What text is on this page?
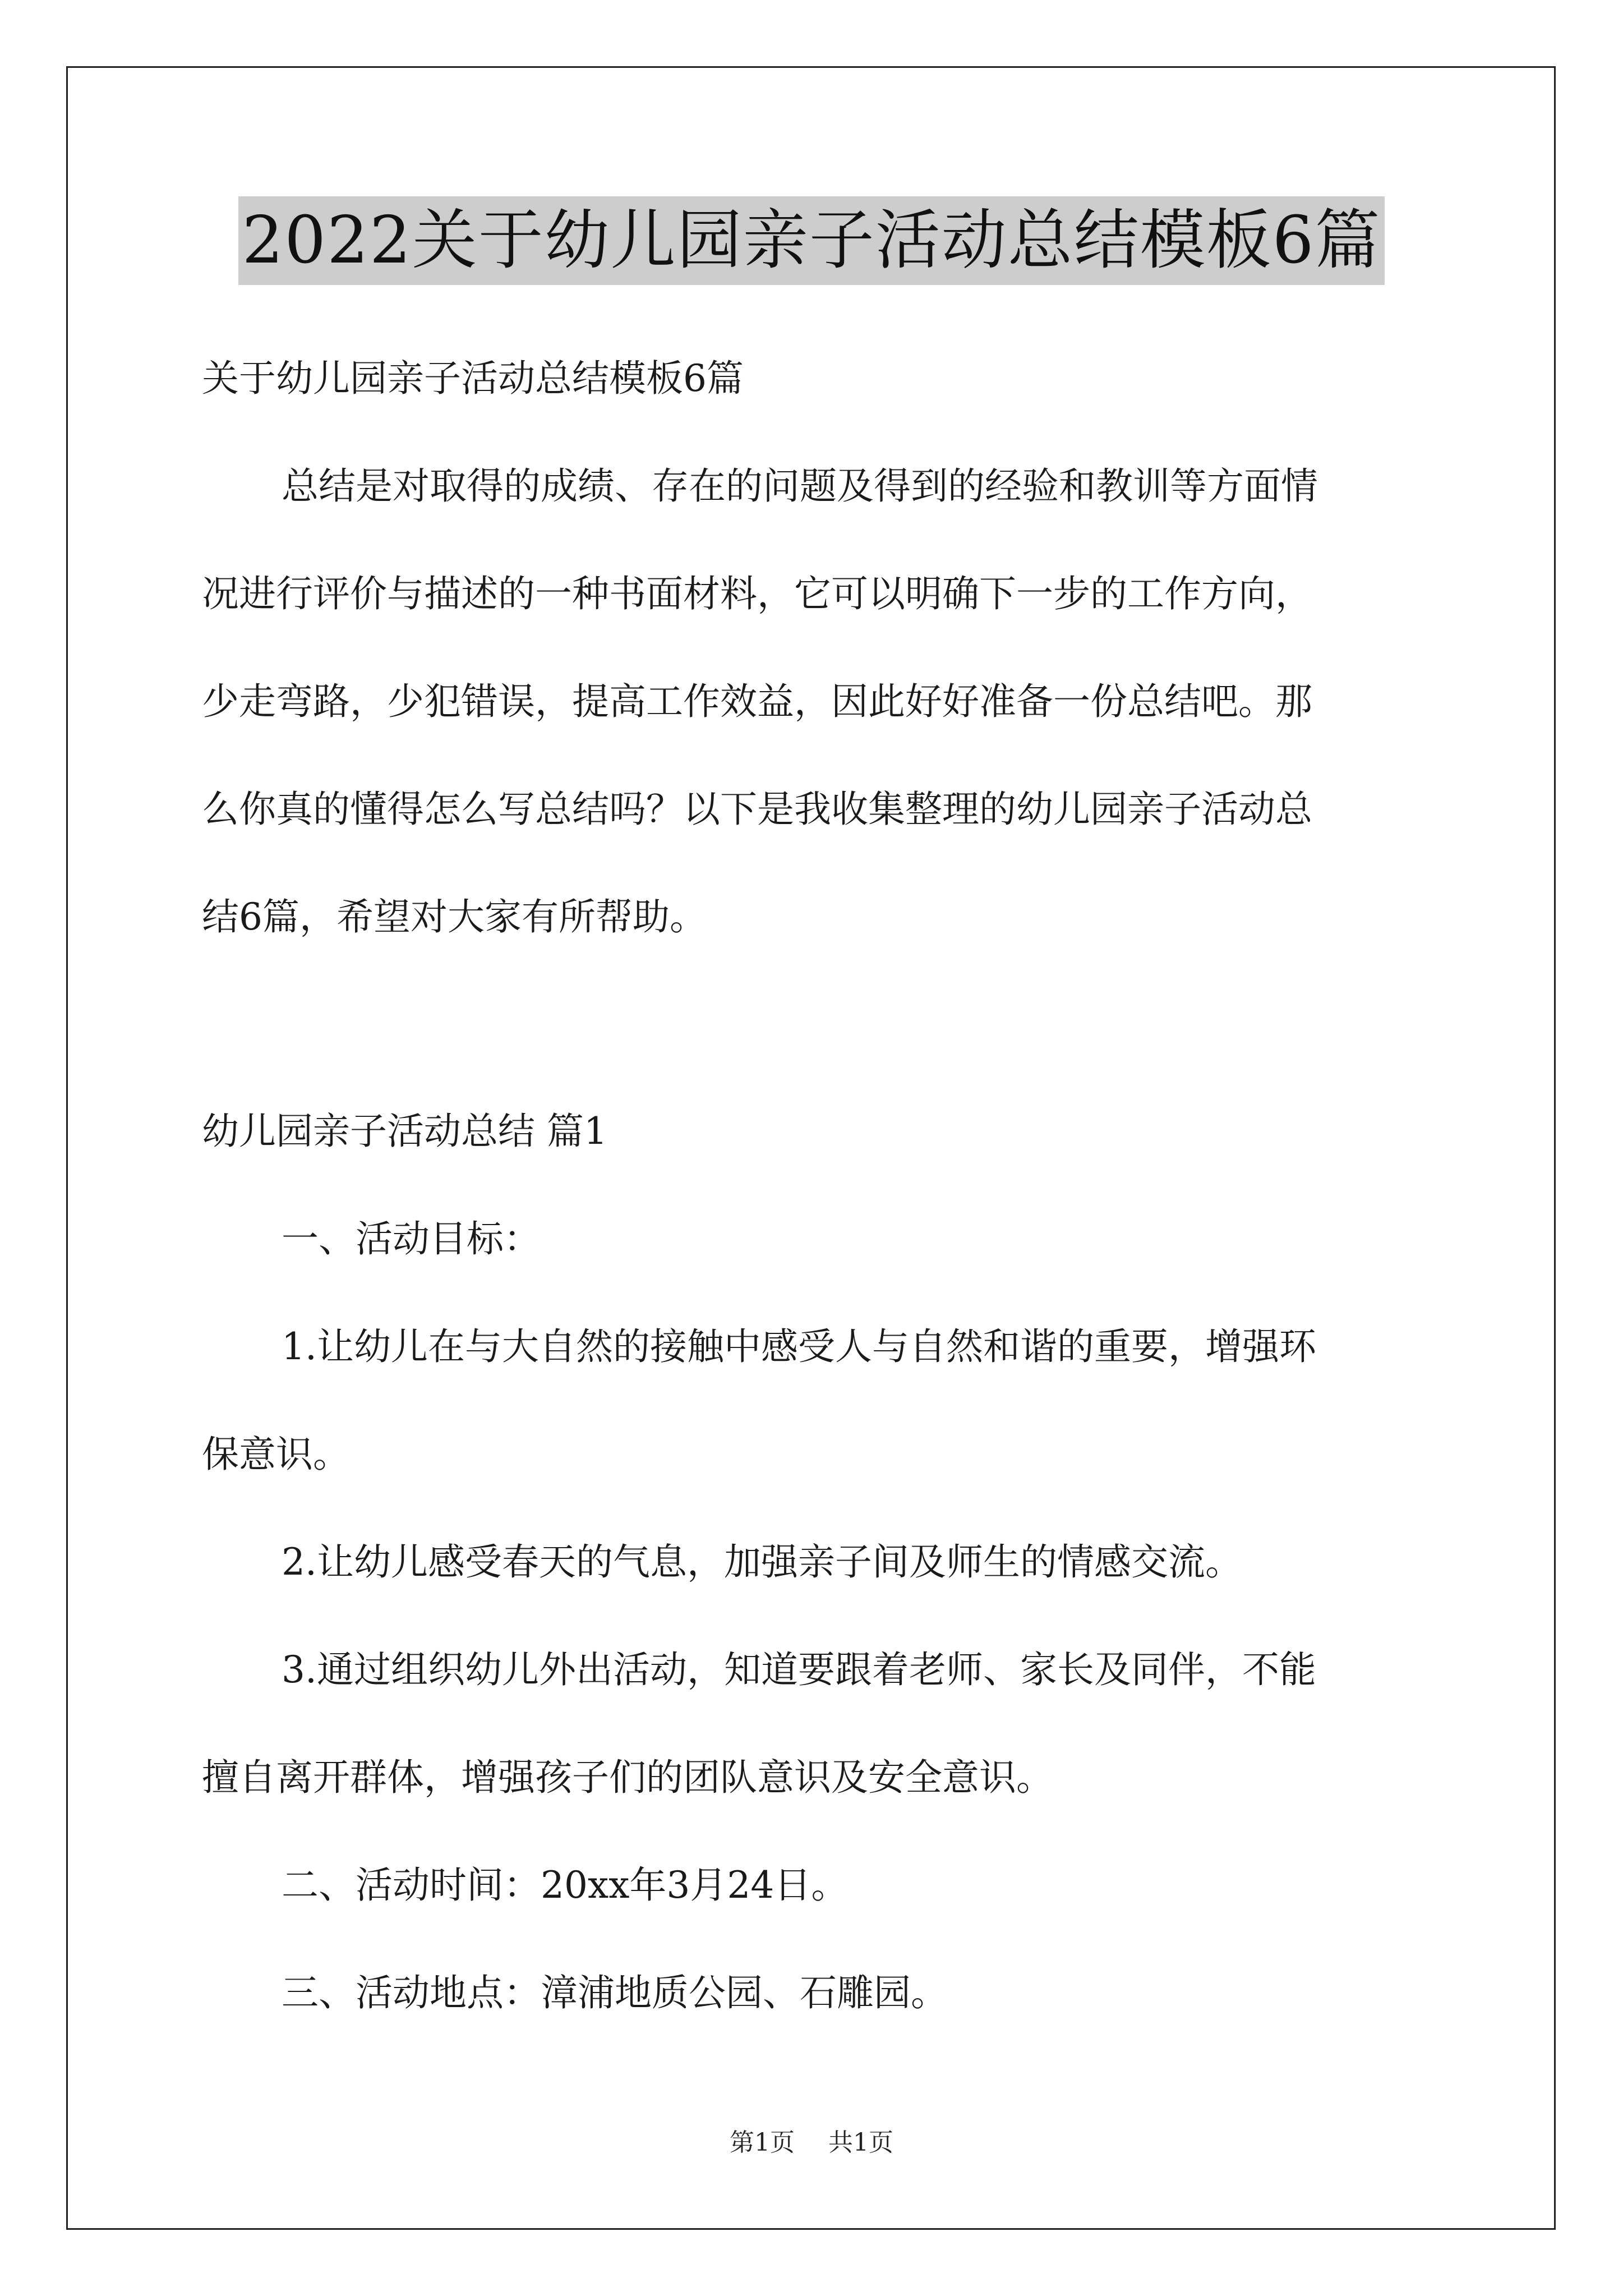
2022关于幼儿园亲子活动总结模板6篇
关于幼儿园亲子活动总结模板6篇
总结是对取得的成绩、存在的问题及得到的经验和教训等方面情
况进行评价与描述的一种书面材料，它可以明确下一步的工作方向，
少走弯路，少犯错误，提高工作效益，因此好好准备一份总结吧。那
么你真的懂得怎么写总结吗？以下是我收集整理的幼儿园亲子活动总
结6篇，希望对大家有所帮助。
幼儿园亲子活动总结 篇1
一、活动目标：
1.让幼儿在与大自然的接触中感受人与自然和谐的重要，增强环
保意识。
2.让幼儿感受春天的气息，加强亲子间及师生的情感交流。
3.通过组织幼儿外出活动，知道要跟着老师、家长及同伴，不能
擅自离开群体，增强孩子们的团队意识及安全意识。
二、活动时间：20xx年3月24日。
三、活动地点：漳浦地质公园、石雕园。
第1页 共1页
